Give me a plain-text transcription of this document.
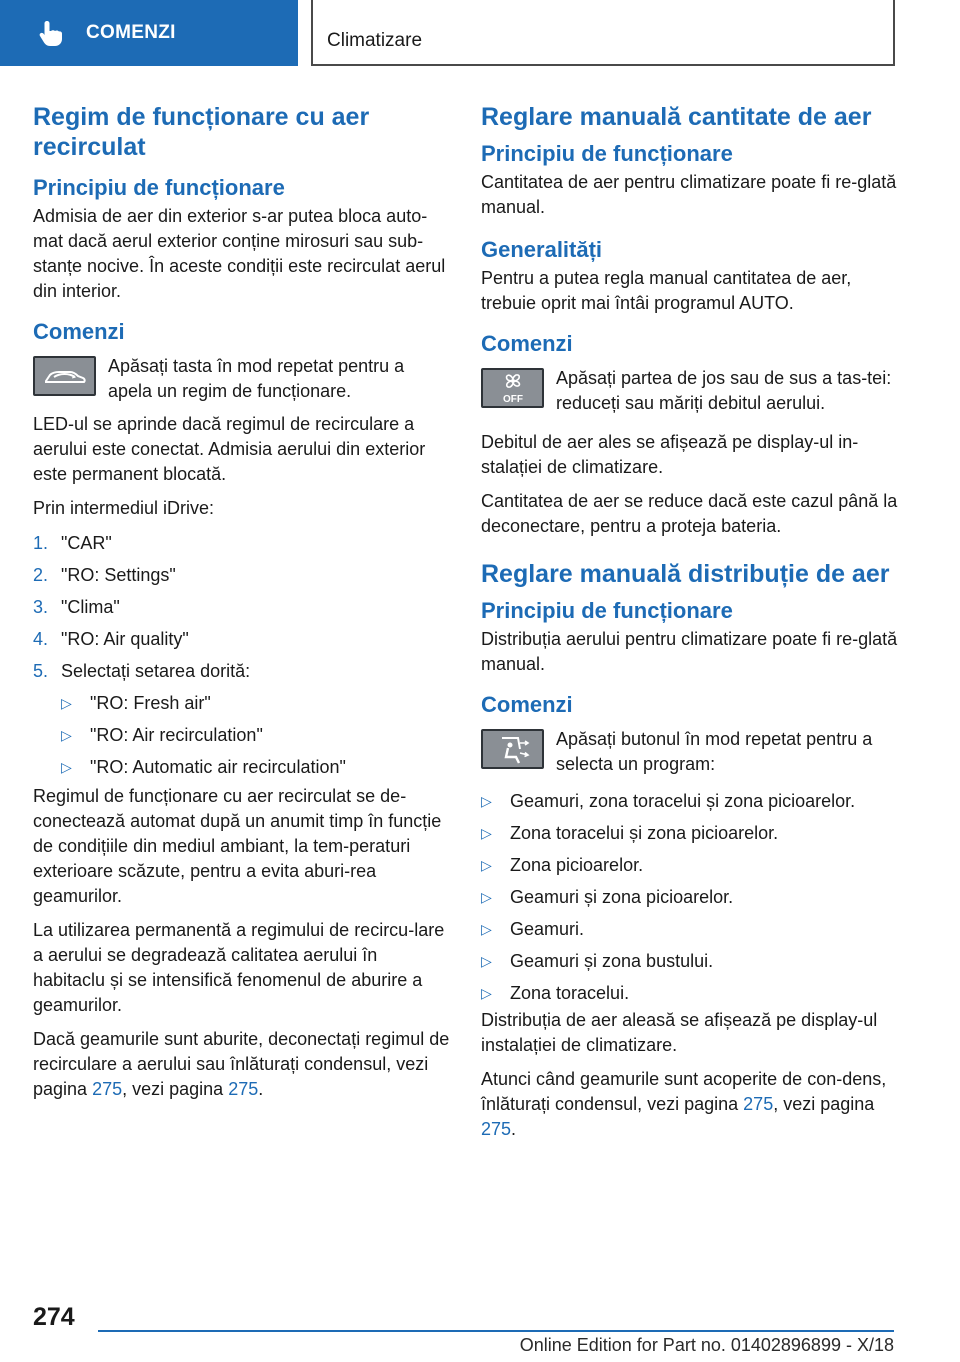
COMENZI	Climatizare
Regim de funcționare cu aer recirculat
Principiu de funcționare
Admisia de aer din exterior s-ar putea bloca auto-mat dacă aerul exterior conține mirosuri sau sub-stanțe nocive. În aceste condiții este recirculat aerul din interior.
Comenzi
Apăsați tasta în mod repetat pentru a apela un regim de funcționare.
LED-ul se aprinde dacă regimul de recirculare a aerului este conectat. Admisia aerului din exterior este permanent blocată.
Prin intermediul iDrive:
1. "CAR"
2. "RO: Settings"
3. "Clima"
4. "RO: Air quality"
5. Selectați setarea dorită:
▷	"RO: Fresh air"
▷	"RO: Air recirculation"
▷	"RO: Automatic air recirculation"
Regimul de funcționare cu aer recirculat se de-conectează automat după un anumit timp în funcție de condițiile din mediul ambiant, la tem-peraturi exterioare scăzute, pentru a evita aburi-rea geamurilor.
La utilizarea permanentă a regimului de recircu-lare a aerului se degradează calitatea aerului în habitaclu și se intensifică fenomenul de aburire a geamurilor.
Dacă geamurile sunt aburite, deconectați regimul de recirculare a aerului sau înlăturați condensul, vezi pagina 275, vezi pagina 275.
Reglare manuală cantitate de aer
Principiu de funcționare
Cantitatea de aer pentru climatizare poate fi re-glată manual.
Generalități
Pentru a putea regla manual cantitatea de aer, trebuie oprit mai întâi programul AUTO.
Comenzi
OFF
Apăsați partea de jos sau de sus a tas-tei: reduceți sau măriți debitul aerului.
Debitul de aer ales se afișează pe display-ul in-stalației de climatizare.
Cantitatea de aer se reduce dacă este cazul până la deconectare, pentru a proteja bateria.
Reglare manuală distribuție de aer
Principiu de funcționare
Distribuția aerului pentru climatizare poate fi re-glată manual.
Comenzi
Apăsați butonul în mod repetat pentru a selecta un program:
▷	Geamuri, zona toracelui și zona picioarelor.
▷	Zona toracelui și zona picioarelor.
▷	Zona picioarelor.
▷	Geamuri și zona picioarelor.
▷	Geamuri.
▷	Geamuri și zona bustului.
▷	Zona toracelui.
Distribuția de aer aleasă se afișează pe display-ul instalației de climatizare.
Atunci când geamurile sunt acoperite de con-dens, înlăturați condensul, vezi pagina 275, vezi pagina 275.
274
Online Edition for Part no. 01402896899 - X/18
